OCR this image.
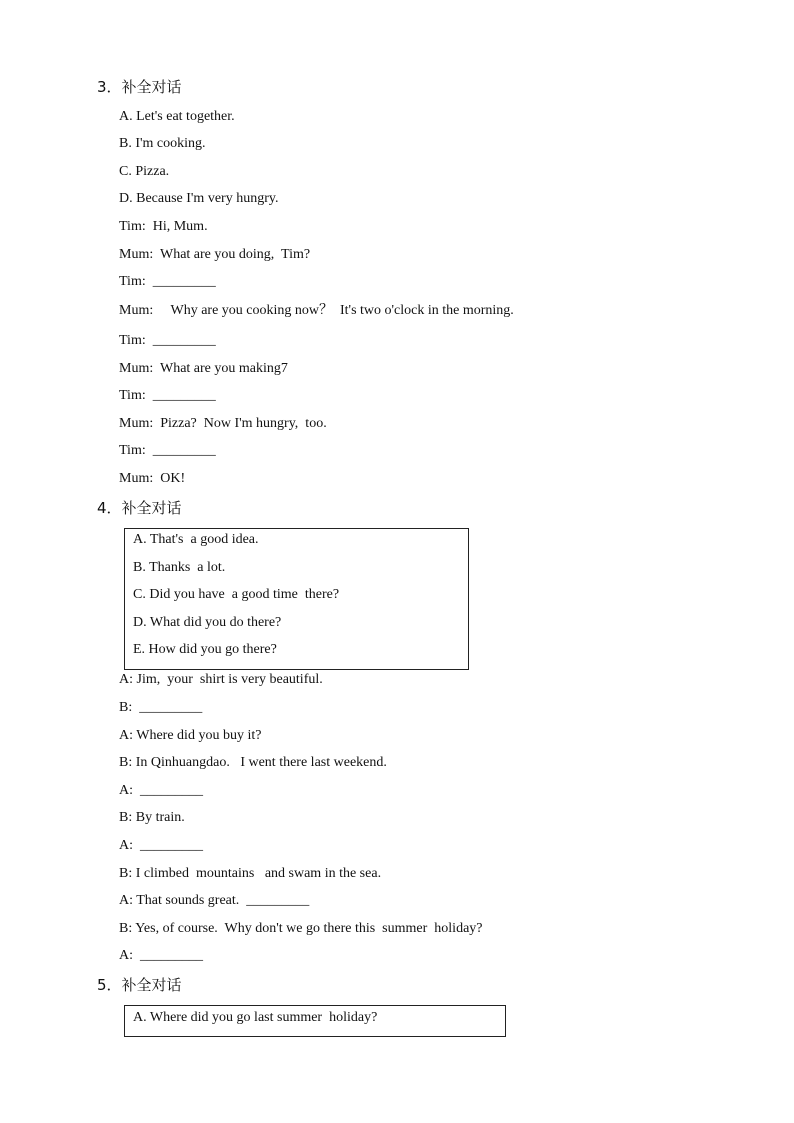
3．补全对话
A. Let's eat together.
B. I'm cooking.
C. Pizza.
D. Because I'm very hungry.
Tim:  Hi, Mum.
Mum:  What are you doing,  Tim?
Tim:  _________
Mum:     Why are you cooking now？  It's two o'clock in the morning.
Tim:  _________
Mum:  What are you making7
Tim:  _________
Mum:  Pizza?  Now I'm hungry,  too.
Tim:  _________
Mum:  OK!
4．补全对话
A. That's  a good idea.
B. Thanks  a lot.
C. Did you have  a good time  there?
D. What did you do there?
E. How did you go there?
A: Jim,  your  shirt is very beautiful.
B:  _________
A: Where did you buy it?
B: In Qinhuangdao.   I went there last weekend.
A:  _________
B: By train.
A:  _________
B: I climbed  mountains   and swam in the sea.
A: That sounds great.  _________
B: Yes, of course.  Why don't we go there this  summer  holiday?
A:  _________
5．补全对话
A. Where did you go last summer  holiday?
